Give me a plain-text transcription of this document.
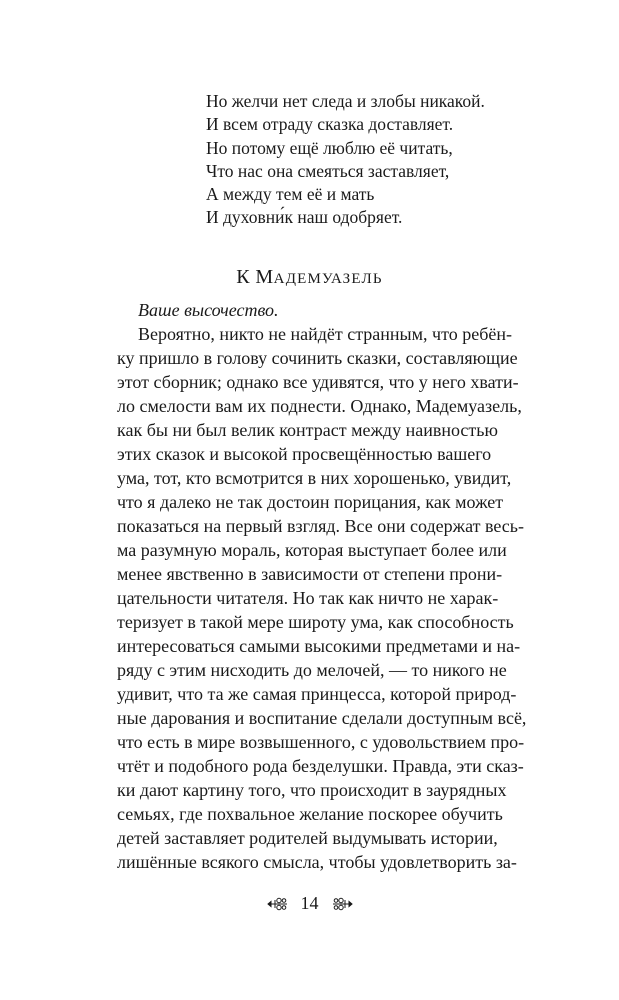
Но желчи нет следа и злобы никакой.
И всем отраду сказка доставляет.
Но потому ещё люблю её читать,
Что нас она смеяться заставляет,
А между тем её и мать
И духовни́к наш одобряет.
К МАДЕМУАЗЕЛЬ
Ваше высочество.
Вероятно, никто не найдёт странным, что ребён-
ку пришло в голову сочинить сказки, составляющие
этот сборник; однако все удивятся, что у него хвати-
ло смелости вам их поднести. Однако, Мадемуазель,
как бы ни был велик контраст между наивностью
этих сказок и высокой просвещённостью вашего
ума, тот, кто всмотрится в них хорошенько, увидит,
что я далеко не так достоин порицания, как может
показаться на первый взгляд. Все они содержат весь-
ма разумную мораль, которая выступает более или
менее явственно в зависимости от степени прони-
цательности читателя. Но так как ничто не харак-
теризует в такой мере широту ума, как способность
интересоваться самыми высокими предметами и на-
ряду с этим нисходить до мелочей, — то никого не
удивит, что та же самая принцесса, которой природ-
ные дарования и воспитание сделали доступным всё,
что есть в мире возвышенного, с удовольствием про-
чтёт и подобного рода безделушки. Правда, эти сказ-
ки дают картину того, что происходит в заурядных
семьях, где похвальное желание поскорее обучить
детей заставляет родителей выдумывать истории,
лишённые всякого смысла, чтобы удовлетворить за-
14
